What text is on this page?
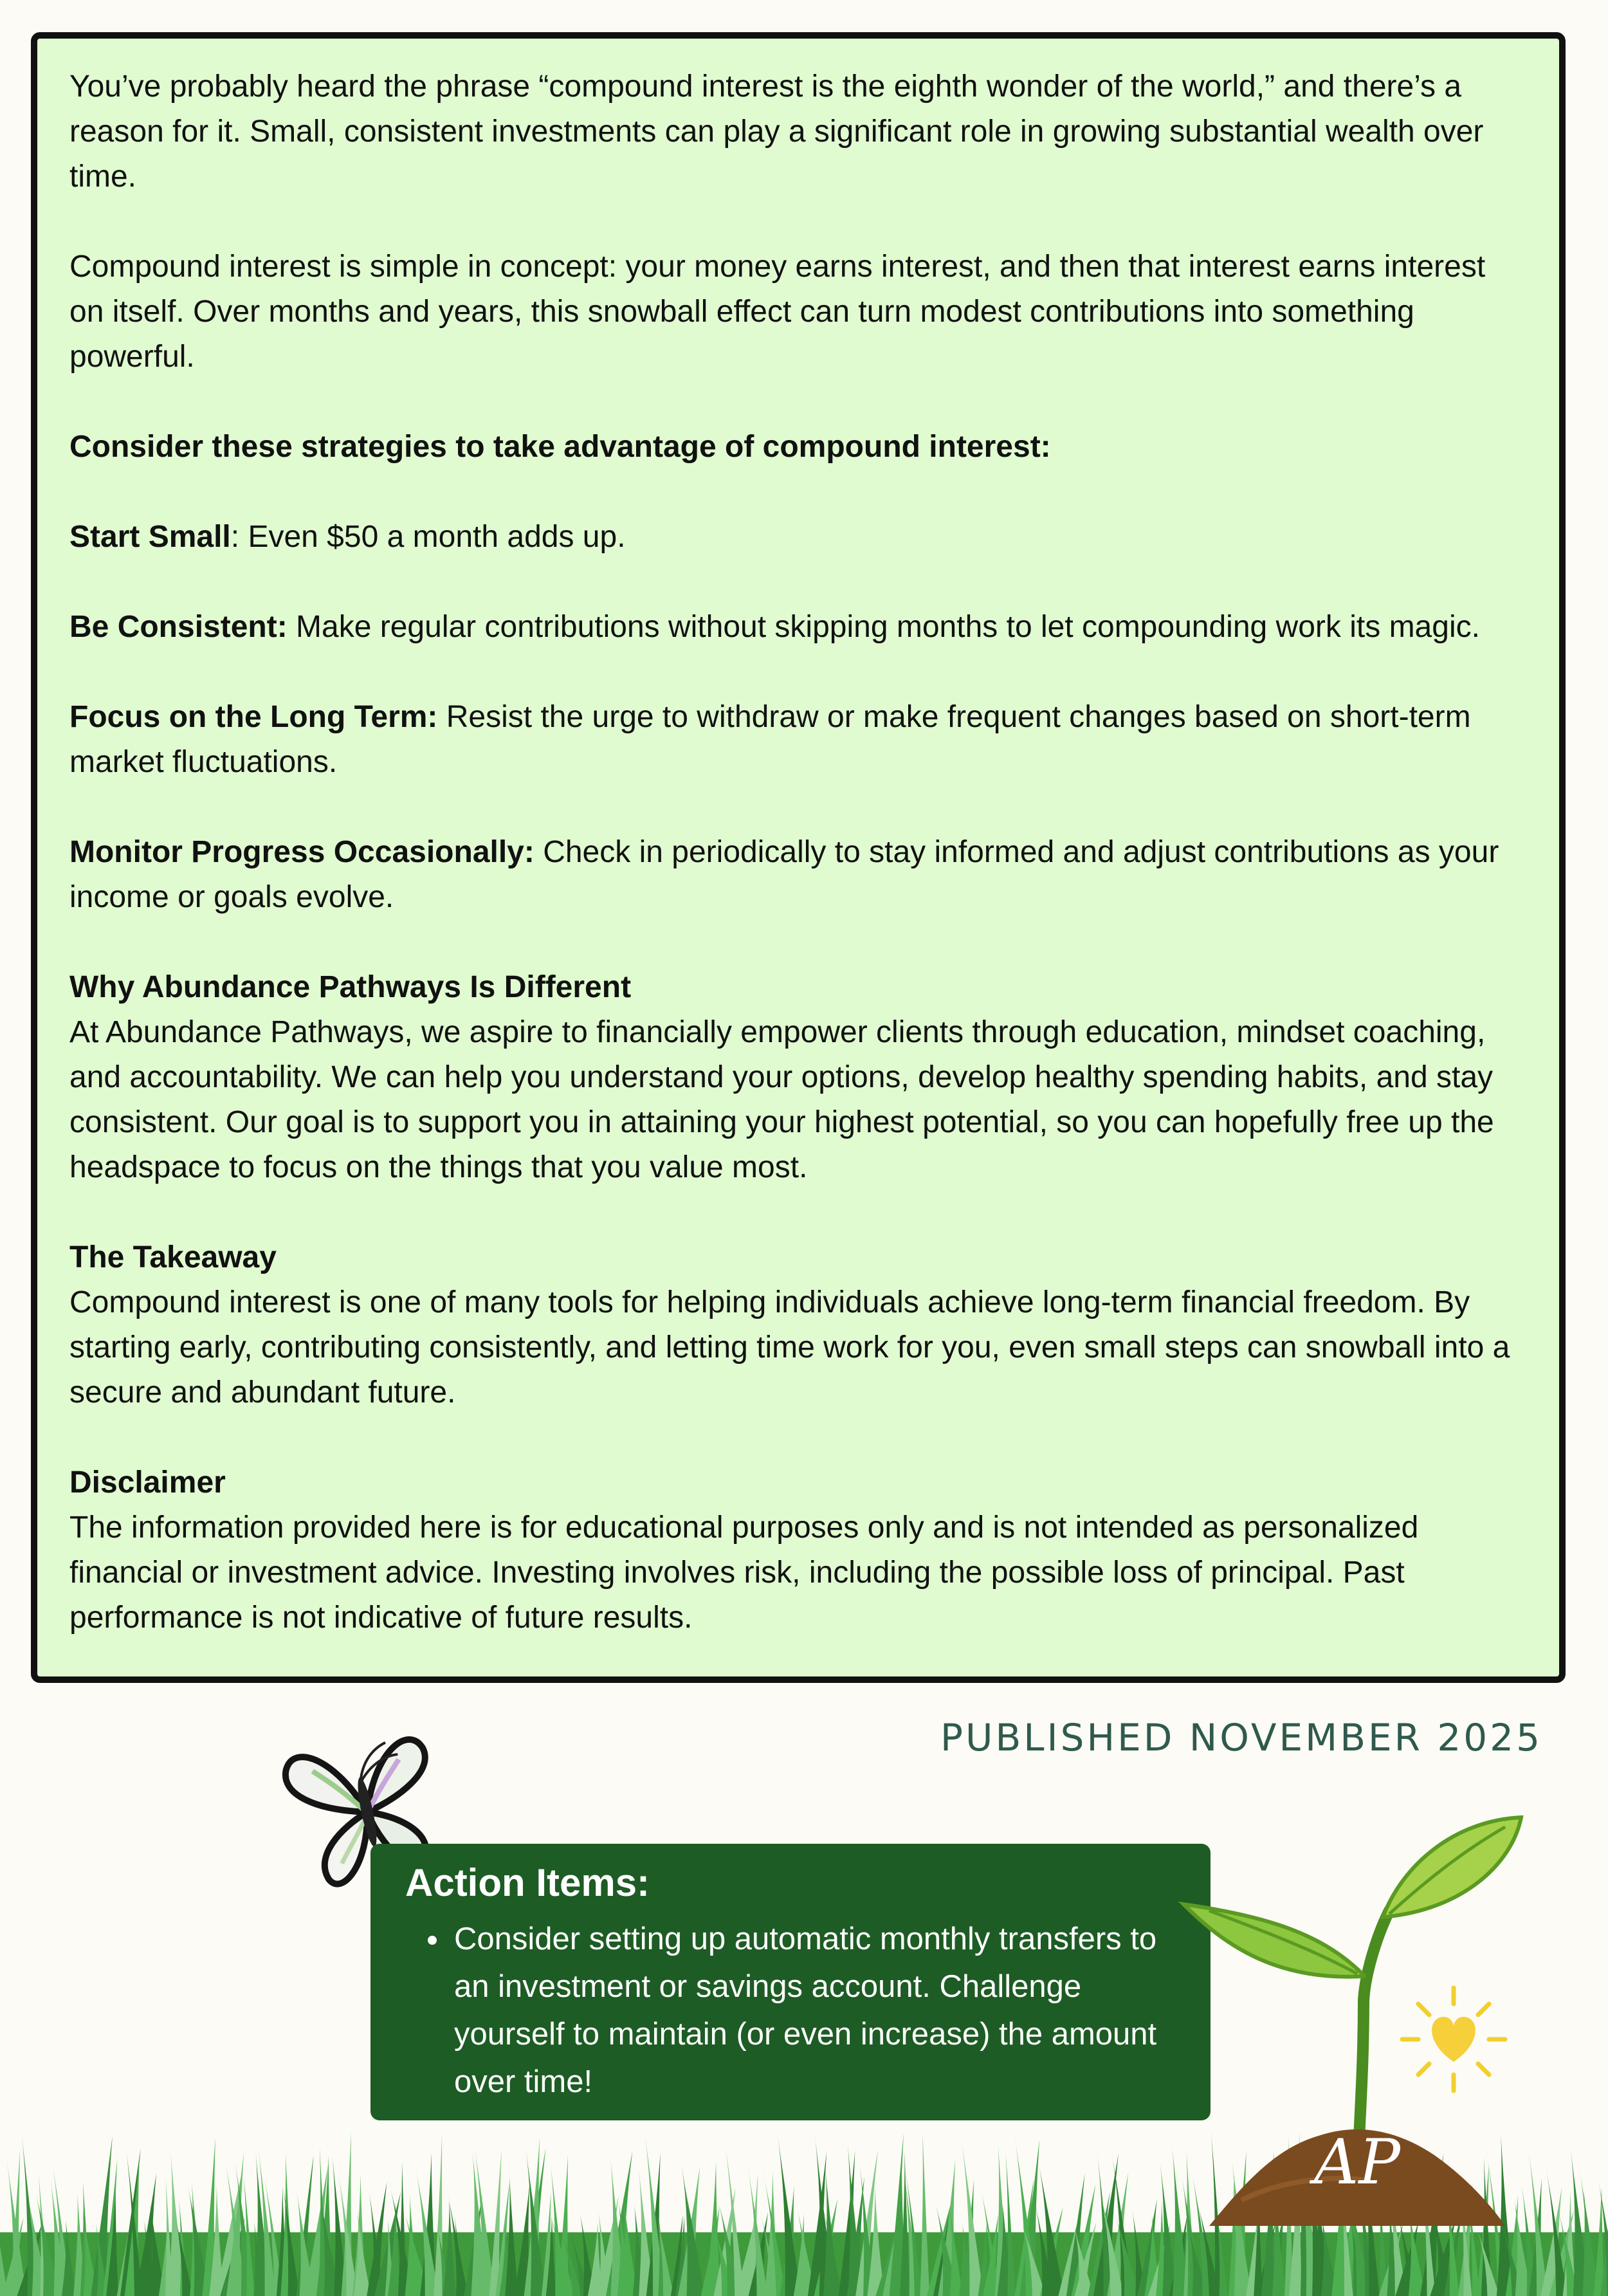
You’ve probably heard the phrase “compound interest is the eighth wonder of the world,” and there’s a reason for it. Small, consistent investments can play a significant role in growing substantial wealth over time.

Compound interest is simple in concept: your money earns interest, and then that interest earns interest on itself. Over months and years, this snowball effect can turn modest contributions into something powerful.

Consider these strategies to take advantage of compound interest:

Start Small: Even $50 a month adds up.

Be Consistent: Make regular contributions without skipping months to let compounding work its magic.

Focus on the Long Term: Resist the urge to withdraw or make frequent changes based on short-term market fluctuations.

Monitor Progress Occasionally: Check in periodically to stay informed and adjust contributions as your income or goals evolve.

Why Abundance Pathways Is Different
At Abundance Pathways, we aspire to financially empower clients through education, mindset coaching, and accountability. We can help you understand your options, develop healthy spending habits, and stay consistent. Our goal is to support you in attaining your highest potential, so you can hopefully free up the headspace to focus on the things that you value most.

The Takeaway
Compound interest is one of many tools for helping individuals achieve long-term financial freedom. By starting early, contributing consistently, and letting time work for you, even small steps can snowball into a secure and abundant future.

Disclaimer
The information provided here is for educational purposes only and is not intended as personalized financial or investment advice. Investing involves risk, including the possible loss of principal. Past performance is not indicative of future results.

PUBLISHED NOVEMBER 2025
Action Items:
• Consider setting up automatic monthly transfers to an investment or savings account. Challenge yourself to maintain (or even increase) the amount over time!
AP
